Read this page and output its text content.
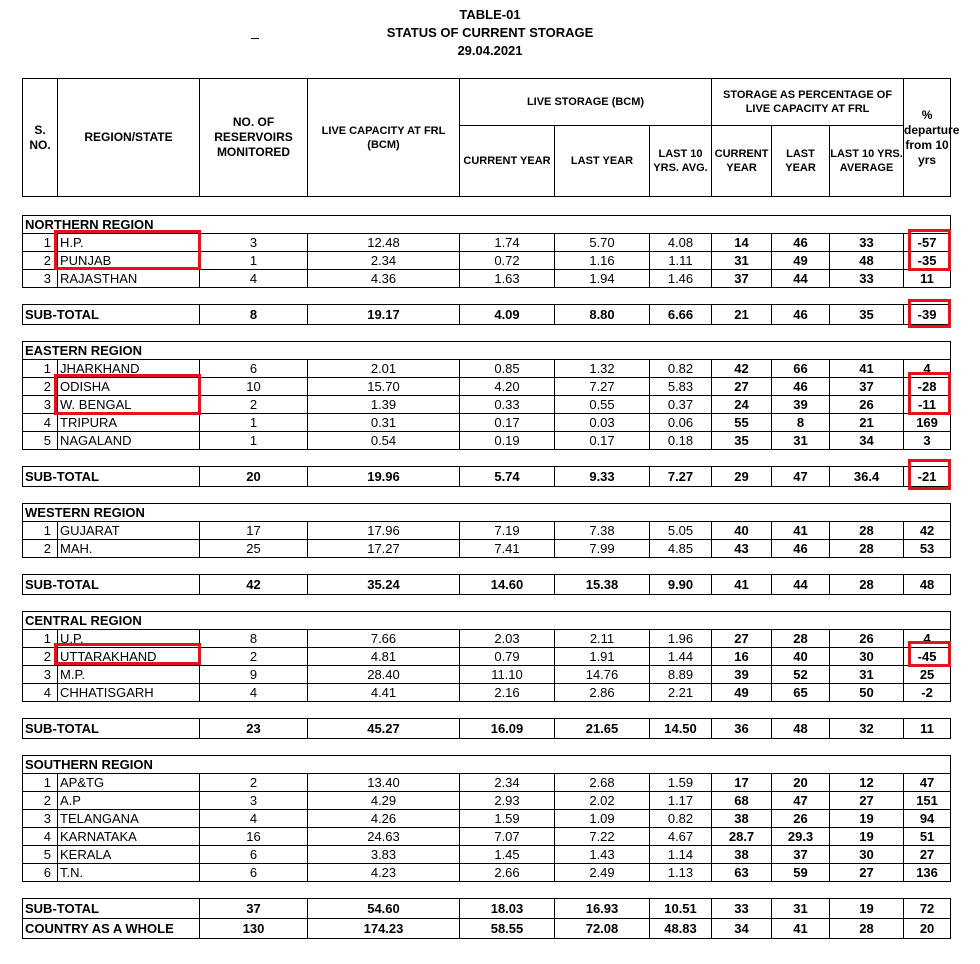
TABLE-01
STATUS OF CURRENT STORAGE
29.04.2021
S. NO.	REGION/STATE	NO. OF RESERVOIRS MONITORED	LIVE CAPACITY AT FRL (BCM)	LIVE STORAGE (BCM)			STORAGE AS PERCENTAGE OF LIVE CAPACITY AT FRL			% departure from 10 yrs
				CURRENT YEAR	LAST YEAR	LAST 10 YRS. AVG.	CURRENT YEAR	LAST YEAR	LAST 10 YRS. AVERAGE	

NORTHERN REGION										
1	H.P.	3	12.48	1.74	5.70	4.08	14	46	33	-57
2	PUNJAB	1	2.34	0.72	1.16	1.11	31	49	48	-35
3	RAJASTHAN	4	4.36	1.63	1.94	1.46	37	44	33	11

SUB-TOTAL		8	19.17	4.09	8.80	6.66	21	46	35	-39

EASTERN REGION										
1	JHARKHAND	6	2.01	0.85	1.32	0.82	42	66	41	4
2	ODISHA	10	15.70	4.20	7.27	5.83	27	46	37	-28
3	W. BENGAL	2	1.39	0.33	0.55	0.37	24	39	26	-11
4	TRIPURA	1	0.31	0.17	0.03	0.06	55	8	21	169
5	NAGALAND	1	0.54	0.19	0.17	0.18	35	31	34	3

SUB-TOTAL		20	19.96	5.74	9.33	7.27	29	47	36.4	-21

WESTERN REGION										
1	GUJARAT	17	17.96	7.19	7.38	5.05	40	41	28	42
2	MAH.	25	17.27	7.41	7.99	4.85	43	46	28	53

SUB-TOTAL		42	35.24	14.60	15.38	9.90	41	44	28	48

CENTRAL REGION										
1	U.P.	8	7.66	2.03	2.11	1.96	27	28	26	4
2	UTTARAKHAND	2	4.81	0.79	1.91	1.44	16	40	30	-45
3	M.P.	9	28.40	11.10	14.76	8.89	39	52	31	25
4	CHHATISGARH	4	4.41	2.16	2.86	2.21	49	65	50	-2

SUB-TOTAL		23	45.27	16.09	21.65	14.50	36	48	32	11

SOUTHERN REGION										
1	AP&TG	2	13.40	2.34	2.68	1.59	17	20	12	47
2	A.P	3	4.29	2.93	2.02	1.17	68	47	27	151
3	TELANGANA	4	4.26	1.59	1.09	0.82	38	26	19	94
4	KARNATAKA	16	24.63	7.07	7.22	4.67	28.7	29.3	19	51
5	KERALA	6	3.83	1.45	1.43	1.14	38	37	30	27
6	T.N.	6	4.23	2.66	2.49	1.13	63	59	27	136

SUB-TOTAL		37	54.60	18.03	16.93	10.51	33	31	19	72
COUNTRY AS A WHOLE		130	174.23	58.55	72.08	48.83	34	41	28	20
